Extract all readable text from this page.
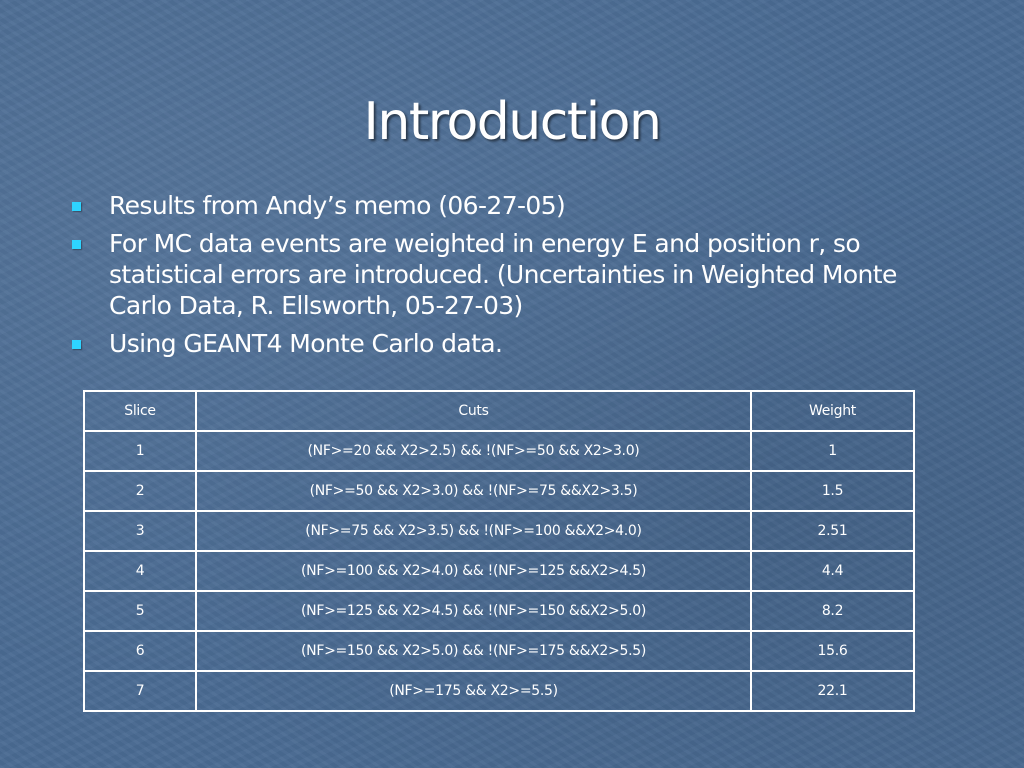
Introduction
Results from Andy’s memo (06-27-05)
For MC data events are weighted in energy E and position r, so statistical errors are introduced. (Uncertainties in Weighted Monte Carlo Data, R. Ellsworth, 05-27-03)
Using GEANT4 Monte Carlo data.
Slice	Cuts	Weight
1	(NF>=20 && X2>2.5) && !(NF>=50 && X2>3.0)	1
2	(NF>=50 && X2>3.0) && !(NF>=75 &&X2>3.5)	1.5
3	(NF>=75 && X2>3.5) && !(NF>=100 &&X2>4.0)	2.51
4	(NF>=100 && X2>4.0) && !(NF>=125 &&X2>4.5)	4.4
5	(NF>=125 && X2>4.5) && !(NF>=150 &&X2>5.0)	8.2
6	(NF>=150 && X2>5.0) && !(NF>=175 &&X2>5.5)	15.6
7	(NF>=175 && X2>=5.5)	22.1
